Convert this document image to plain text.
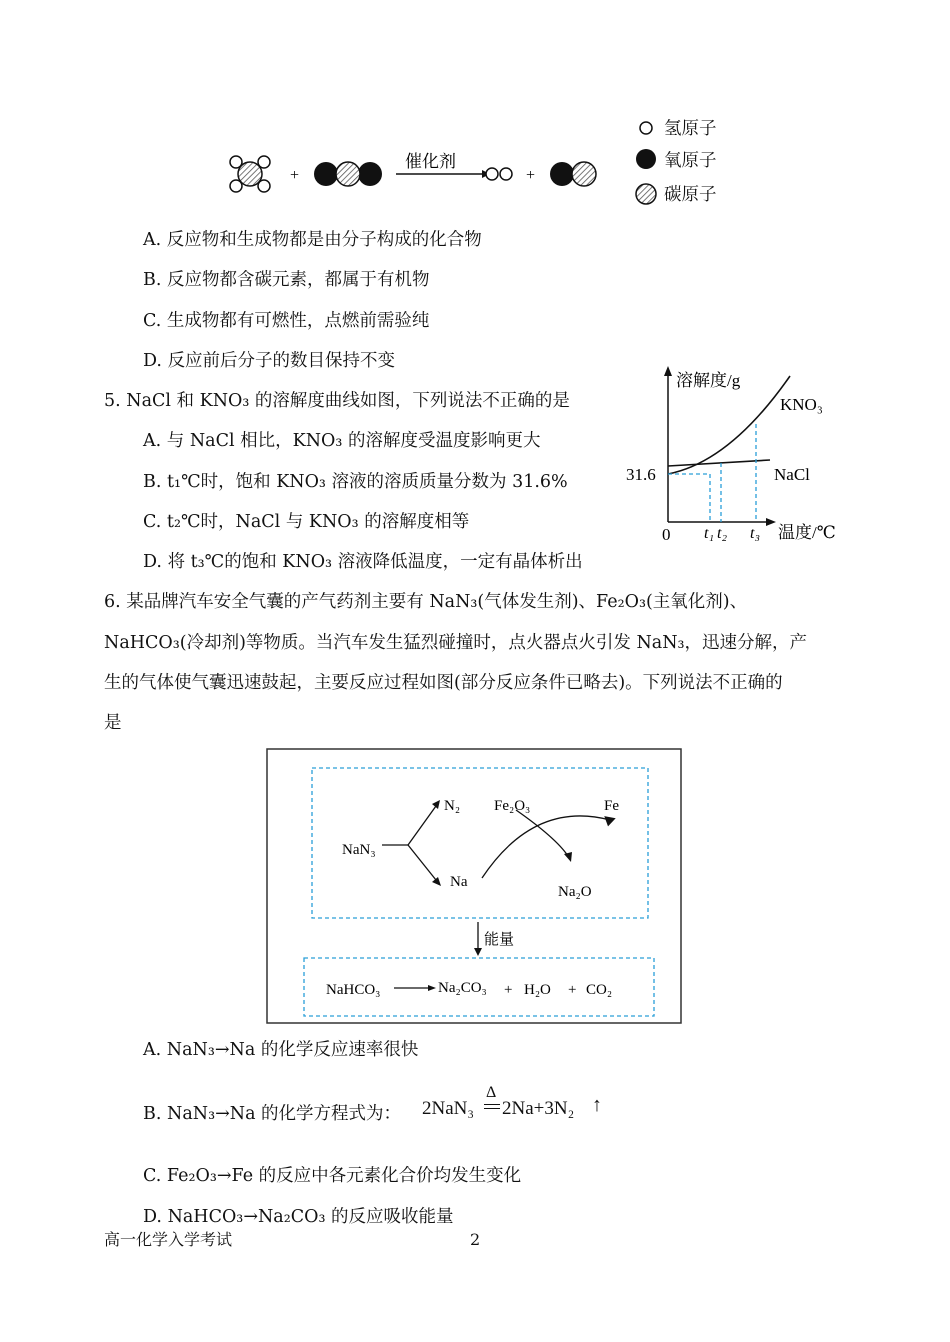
+
催化剂
+
氢原子
氧原子
碳原子
A. 反应物和生成物都是由分子构成的化合物
B. 反应物都含碳元素，都属于有机物
C. 生成物都有可燃性，点燃前需验纯
D. 反应前后分子的数目保持不变
5. NaCl 和 KNO₃ 的溶解度曲线如图，下列说法不正确的是
A. 与 NaCl 相比，KNO₃ 的溶解度受温度影响更大
B. t₁℃时，饱和 KNO₃ 溶液的溶质质量分数为 31.6%
C. t₂℃时，NaCl 与 KNO₃ 的溶解度相等
D. 将 t₃℃的饱和 KNO₃ 溶液降低温度，一定有晶体析出
溶解度/g
KNO₃
NaCl
31.6
0 t₁ t₂ t₃ 温度/℃
6. 某品牌汽车安全气囊的产气药剂主要有 NaN₃(气体发生剂)、Fe₂O₃(主氧化剂)、
NaHCO₃(冷却剂)等物质。当汽车发生猛烈碰撞时，点火器点火引发 NaN₃，迅速分解，产
生的气体使气囊迅速鼓起，主要反应过程如图(部分反应条件已略去)。下列说法不正确的
是
NaN₃
N₂
Na
Fe₂O₃	Fe
Na₂O
能量
NaHCO₃	Na₂CO₃ + H₂O + CO₂
A. NaN₃→Na 的化学反应速率很快
B. NaN₃→Na 的化学方程式为： 2NaN₃
Δ
2Na+3N₂ ↑
C. Fe₂O₃→Fe 的反应中各元素化合价均发生变化
D. NaHCO₃→Na₂CO₃ 的反应吸收能量
高一化学入学考试	2
